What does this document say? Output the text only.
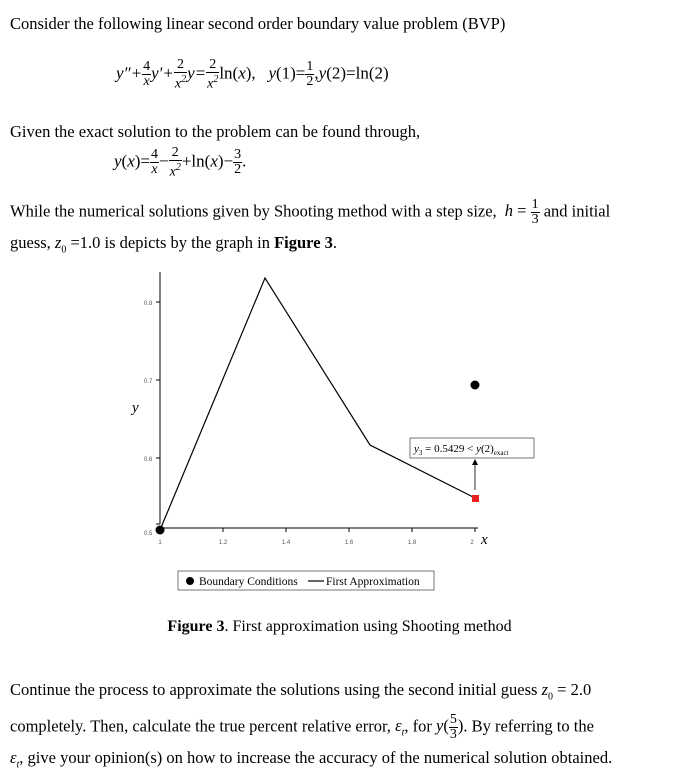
Consider the following linear second order boundary value problem (BVP)
$y''+ \frac{4}{x} y'+ \frac{2}{x^2} y= \frac{2}{x^2} \ln(x)$,   $y(1)= \frac{1}{2} ,y(2)=\ln(2)$
Given the exact solution to the problem can be found through,
$y(x)= \frac{4}{x} - \frac{2}{x^2} +\ln(x)- \frac{3}{2}$ .
While the numerical solutions given by Shooting method with a step size, $h = \frac{1}{3}$ and initial
guess, $z_0 =1.0$ is depicts by the graph in Figure 3.
0.8
0.7
0.6
0.5
y
1	1.2	1.4	1.6	1.8	2 x
$y_3 = 0.5429 < y(2)_{exact}$
Boundary Conditions First Approximation
Figure 3. First approximation using Shooting method
Continue the process to approximate the solutions using the second initial guess $z_0 = 2.0$
completely. Then, calculate the true percent relative error, $\varepsilon_t$, for $y( \frac{5}{3}$ ). By referring to the
$\varepsilon_t$, give your opinion(s) on how to increase the accuracy of the numerical solution obtained.
